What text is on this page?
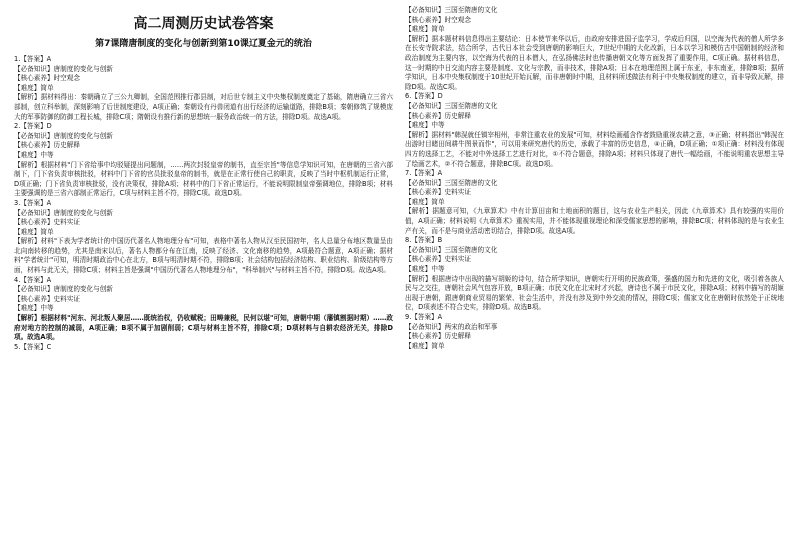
高二周测历史试卷答案
第7课隋唐制度的变化与创新到第10课辽夏金元的统治
1.【答案】A
【必备知识】唐制度的变化与创新
【核心素养】时空观念
【难度】简单
【解析】据材料得出：秦朝确立了三公九卿制，全国范围推行郡县制，对后世专制主义中央集权制度奠定了基础，隋唐确立三省六部制，创立科举制，深刻影响了后世制度建设，A项正确；秦朝设有丹兽闭道有出行经济的运输道路，排除B项；秦朝修筑了规模庞大的军事防御的防御工程长城，排除C项；隋朝设有推行新的思想统一服务政治统一的方法，排除D项。故选A项。
2.【答案】D
【必备知识】唐制度的变化与创新
【核心素养】历史解释
【难度】中等
【解析】根据材料"门下省给事中均驳疑提出问题制，……两次封驳皇帝的制书，直至宗旨"等信息学知识可知，在唐朝的三省六部制下，门下省负责审核批驳，材料中门下省的官员批驳皇帝的制书，就是在正常行使自己的职责，反映了当时中枢机制运行正常，D项正确；门下省负责审核批驳，没有决策权，排除A项；材料中的门下省正常运行，不能说明限制皇帝强调地位，排除B项；材料主要强调的是三省六部制正常运行，C项与材料主旨不符，排除C项。故选D项。
3.【答案】A
【必备知识】唐制度的变化与创新
【核心素养】史料实证
【难度】简单
【解析】材料"下表为学者统计的中国历代著名人物地理分布"可知，表格中著名人物从汉至民国初年，名人总量分布地区数量呈由北向南转移的趋势，尤其是南宋以后，著名人物都分布在江南，反映了经济、文化南移的趋势，A项最符合题意，A项正确；据材料"学者统计"可知，明清时期政治中心在北方，B项与明清时期不符，排除B项；社会结构包括经济结构、职业结构、阶级结构等方面，材料与此无关，排除C项；材料主旨是强调"中国历代著名人物地理分布"，"科举制兴"与材料主旨不符，排除D项。故选A项。
4.【答案】A
【必备知识】唐制度的变化与创新
【核心素养】史料实证
【难度】中等
【解析】根据材料"河东、河北叛人聚居……既统治权，仍收赋税；田畴兼税，民何以堪"可知，唐朝中期（藩镇割据时期）……政府对地方的控制的减弱，A项正确；B项不属于加剧削弱；C项与材料主旨不符，排除C项；D项材料与自耕农经济无关，排除D项。故选A项。
5.【答案】C
【必备知识】三国至隋唐的文化
【核心素养】时空观念
【难度】简单
【解析】据本题材料信息得出主要结论：日本使节来华以后，由政府安排进国子监学习，学成后归国，以空海为代表的僧人所学多在长安寺院求法，结合所学，古代日本社会受到唐朝的影响巨大，7世纪中期的大化改新，日本以学习和模仿古中国朝制的经济和政治制度为主要内容，以空海为代表的日本僧人，在弘扬佛法时也传播唐朝文化等方面发挥了重要作用，C项正确。据材料信息，这一时期的中日交流内容主要是制度、文化与宗教，而非技术，排除A项；日本在地理范围上属于东亚，非东南亚，排除B项；据所学知识，日本中央集权制度于10世纪开始瓦解，而非唐朝时中期，且材料所述做法有利于中央集权制度的建立，而非导致瓦解，排除D项。故选C项。
6.【答案】D
【必备知识】三国至隋唐的文化
【核心素养】历史解释
【难度】中等
【解析】据材料"韩滉就任镇宰相州，非常注重农业的发展"可知，材料绘画蕴含作者鼓励重视农耕之意，③正确；材料指出"韩滉在出游时目睹田间耕牛图景而作"，可以用来研究唐代的历史，承载了丰富的历史信息，④正确，D项正确；①项正确：材料没有体现四方的选择工艺，不能对中外选择工艺进行对比，①不符合题意，排除A项；材料只体现了唐代一幅绘画，不能说明重农思想主导了绘画艺术，②不符合题意，排除BC项。故选D项。
7.【答案】A
【必备知识】三国至隋唐的文化
【核心素养】史料实证
【难度】简单
【解析】据题意可知，《九章算术》中有计算田亩和土地面积的题目，这与农业生产相关，因此《九章算术》具有较强的实用价值，A项正确；材料说明《九章算术》重视实用，并不能体现重视理论和深受儒家思想的影响，排除BC项；材料体现的是与农业生产有关，而不是与商业活动密切结合，排除D项。故选A项。
8.【答案】B
【必备知识】三国至隋唐的文化
【核心素养】史料实证
【难度】中等
【解析】根据唐诗中出现的描写胡姬的诗句，结合所学知识，唐朝实行开明的民族政策，强盛的国力和先进的文化，吸引着各族人民与之交往，唐朝社会风气包容开放，B项正确；市民文化在北宋时才兴起，唐诗也不属于市民文化，排除A项；材料中描写的胡姬出现于唐朝，跟唐朝商业贸易的繁荣、社会生活中，并没有涉及到中外交流的情况，排除C项；儒家文化在唐朝时依然处于正统地位，D项表述不符合史实，排除D项。故选B项。
9.【答案】A
【必备知识】两宋的政治和军事
【核心素养】历史解释
【难度】简单
